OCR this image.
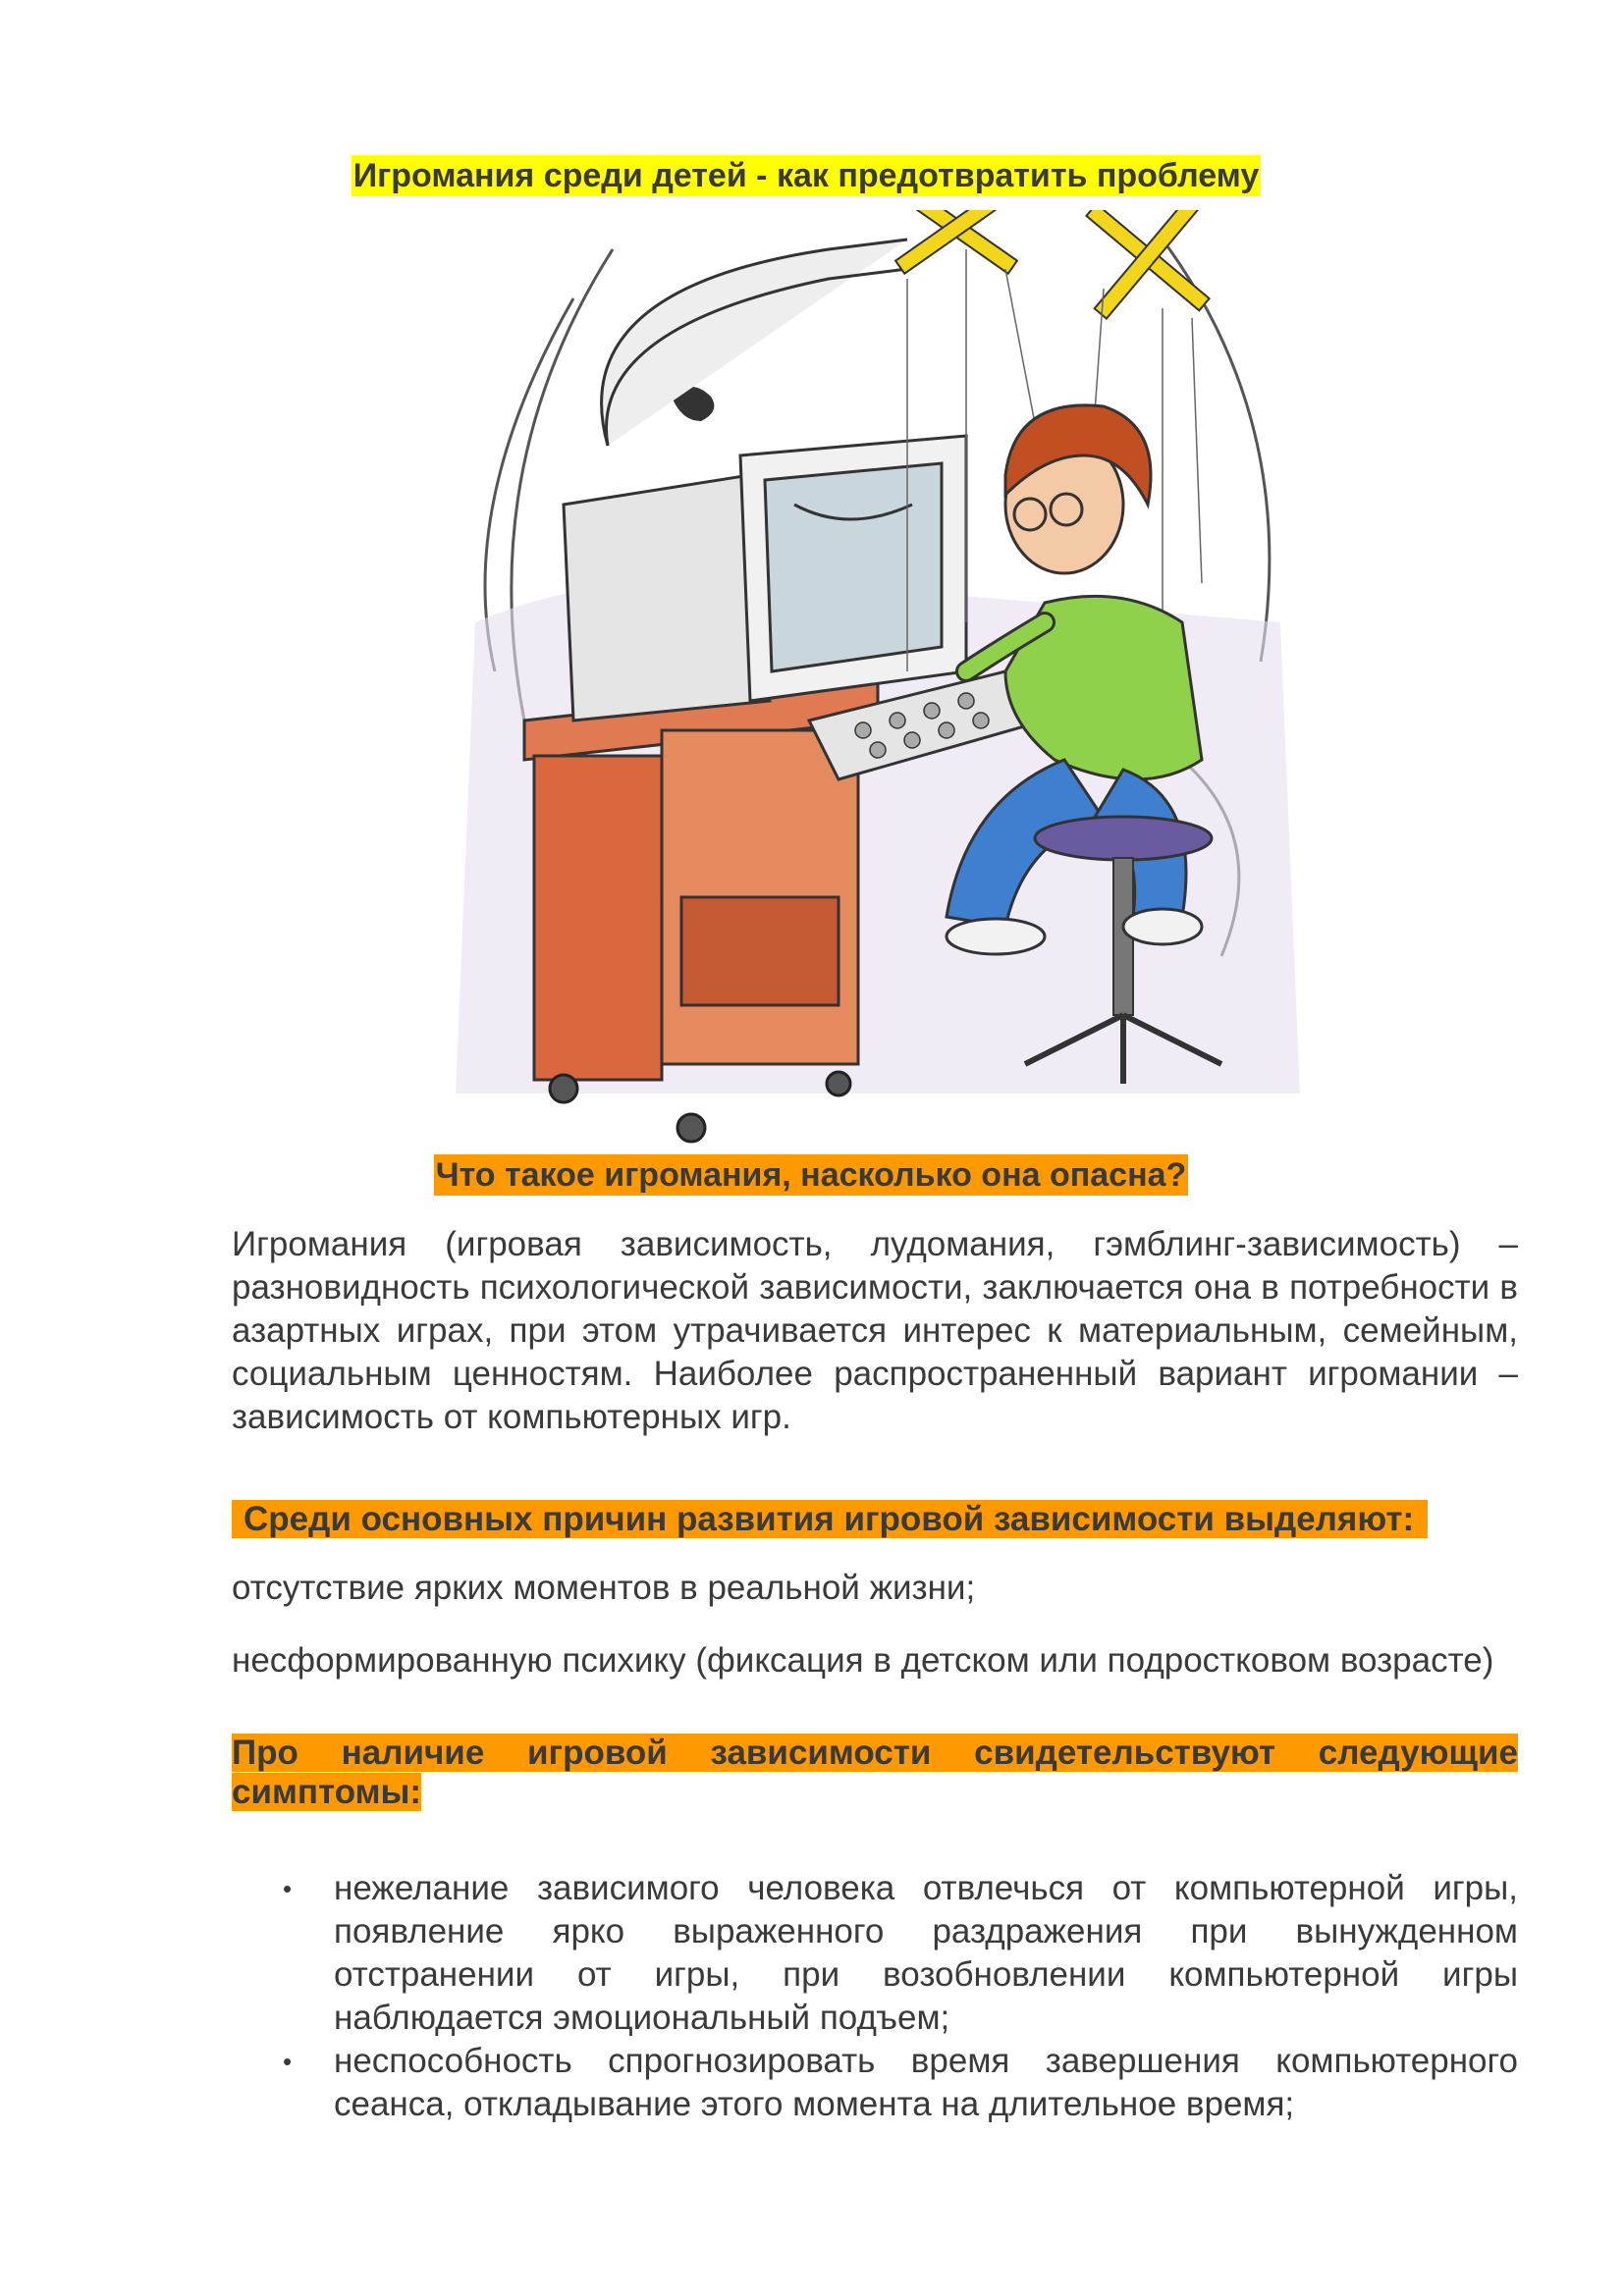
Игромания среди детей - как предотвратить проблему
Что такое игромания, насколько она опасна?
Игромания (игровая зависимость, лудомания, гэмблинг-зависимость) – разновидность психологической зависимости, заключается она в потребности в азартных играх, при этом утрачивается интерес к материальным, семейным, социальным ценностям. Наиболее распространенный вариант игромании – зависимость от компьютерных игр.
Среди основных причин развития игровой зависимости выделяют:
отсутствие ярких моментов в реальной жизни;
несформированную психику (фиксация в детском или подростковом возрасте)
Про наличие игровой зависимости свидетельствуют следующие симптомы:
• нежелание зависимого человека отвлечься от компьютерной игры, появление ярко выраженного раздражения при вынужденном отстранении от игры, при возобновлении компьютерной игры наблюдается эмоциональный подъем;
• неспособность спрогнозировать время завершения компьютерного сеанса, откладывание этого момента на длительное время;
